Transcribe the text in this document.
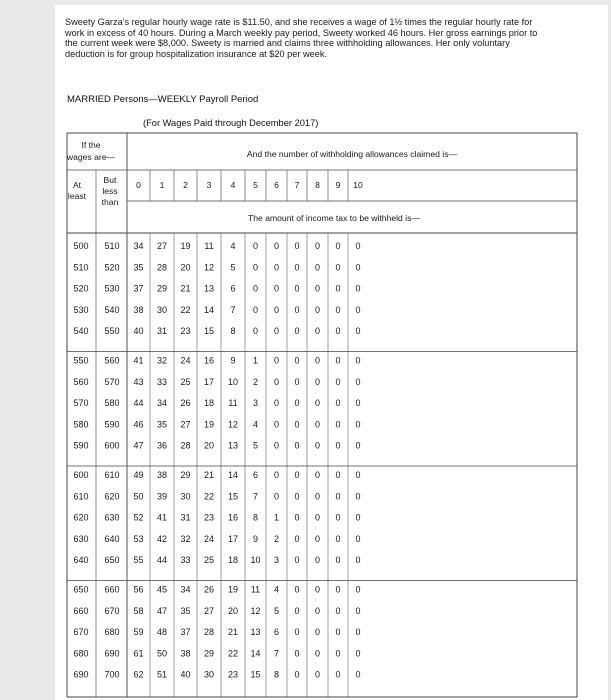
Sweety Garza's regular hourly wage rate is $11.50, and she receives a wage of 1½ times the regular hourly rate for
work in excess of 40 hours. During a March weekly pay period, Sweety worked 46 hours. Her gross earnings prior to
the current week were $8,000. Sweety is married and claims three withholding allowances. Her only voluntary
deduction is for group hospitalization insurance at $20 per week.
MARRIED Persons—WEEKLY Payroll Period
(For Wages Paid through December 2017)
If the
wages are—	And the number of withholding allowances claimed is—
At
least
But
less
than
0 1 2 3 4 5 6 7 8 9 10
The amount of income tax to be withheld is—
500 510 34 27 19 11 4 0 0 0 0 0 0
510 520 35 28 20 12 5 0 0 0 0 0 0
520 530 37 29 21 13 6 0 0 0 0 0 0
530 540 38 30 22 14 7 0 0 0 0 0 0
540 550 40 31 23 15 8 0 0 0 0 0 0
550 560 41 32 24 16 9 1 0 0 0 0 0
560 570 43 33 25 17 10 2 0 0 0 0 0
570 580 44 34 26 18 11 3 0 0 0 0 0
580 590 46 35 27 19 12 4 0 0 0 0 0
590 600 47 36 28 20 13 5 0 0 0 0 0
600 610 49 38 29 21 14 6 0 0 0 0 0
610 620 50 39 30 22 15 7 0 0 0 0 0
620 630 52 41 31 23 16 8 1 0 0 0 0
630 640 53 42 32 24 17 9 2 0 0 0 0
640 650 55 44 33 25 18 10 3 0 0 0 0
650 660 56 45 34 26 19 11 4 0 0 0 0
660 670 58 47 35 27 20 12 5 0 0 0 0
670 680 59 48 37 28 21 13 6 0 0 0 0
680 690 61 50 38 29 22 14 7 0 0 0 0
690 700 62 51 40 30 23 15 8 0 0 0 0
